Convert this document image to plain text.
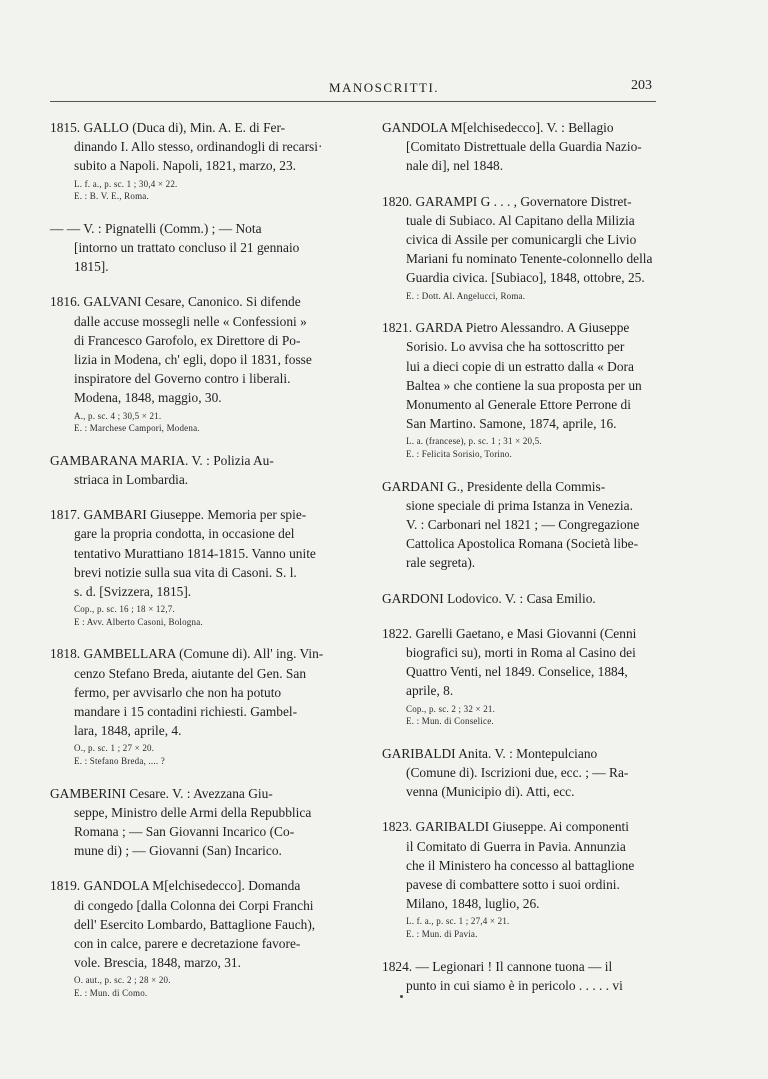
MANOSCRITTI.	203

1815. GALLO (Duca di), Min. A. E. di Fer-

dinando I. Allo stesso, ordinandogli di recarsi·

subito a Napoli. Napoli, 1821, marzo, 23.

L. f. a., p. sc. 1 ; 30,4 × 22.
E. : B. V. E., Roma.

— — V. : Pignatelli (Comm.) ; — Nota

[intorno un trattato concluso il 21 gennaio

1815].

1816. GALVANI Cesare, Canonico. Si difende

dalle accuse mossegli nelle « Confessioni »

di Francesco Garofolo, ex Direttore di Po-

lizia in Modena, ch' egli, dopo il 1831, fosse

inspiratore del Governo contro i liberali.

Modena, 1848, maggio, 30.

A., p. sc. 4 ; 30,5 × 21.
E. : Marchese Campori, Modena.

GAMBARANA MARIA. V. : Polizia Au-

striaca in Lombardia.

1817. GAMBARI Giuseppe. Memoria per spie-

gare la propria condotta, in occasione del

tentativo Murattiano 1814-1815. Vanno unite

brevi notizie sulla sua vita di Casoni. S. l.

s. d. [Svizzera, 1815].

Cop., p. sc. 16 ; 18 × 12,7.
E : Avv. Alberto Casoni, Bologna.

1818. GAMBELLARA (Comune di). All' ing. Vin-

cenzo Stefano Breda, aiutante del Gen. San

fermo, per avvisarlo che non ha potuto

mandare i 15 contadini richiesti. Gambel-

lara, 1848, aprile, 4.

O., p. sc. 1 ; 27 × 20.
E. : Stefano Breda, .... ?

GAMBERINI Cesare. V. : Avezzana Giu-

seppe, Ministro delle Armi della Repubblica

Romana ; — San Giovanni Incarico (Co-

mune di) ; — Giovanni (San) Incarico.

1819. GANDOLA M[elchisedecco]. Domanda

di congedo [dalla Colonna dei Corpi Franchi

dell' Esercito Lombardo, Battaglione Fauch),

con in calce, parere e decretazione favore-

vole. Brescia, 1848, marzo, 31.

O. aut., p. sc. 2 ; 28 × 20.
E. : Mun. di Como.

GANDOLA M[elchisedecco]. V. : Bellagio

[Comitato Distrettuale della Guardia Nazio-

nale di], nel 1848.

1820. GARAMPI G . . . , Governatore Distret-

tuale di Subiaco. Al Capitano della Milizia

civica di Assile per comunicargli che Livio

Mariani fu nominato Tenente-colonnello della

Guardia civica. [Subiaco], 1848, ottobre, 25.

E. : Dott. Al. Angelucci, Roma.

1821. GARDA Pietro Alessandro. A Giuseppe

Sorisio. Lo avvisa che ha sottoscritto per

lui a dieci copie di un estratto dalla « Dora

Baltea » che contiene la sua proposta per un

Monumento al Generale Ettore Perrone di

San Martino. Samone, 1874, aprile, 16.

L. a. (francese), p. sc. 1 ; 31 × 20,5.
E. : Felicita Sorisio, Torino.

GARDANI G., Presidente della Commis-

sione speciale di prima Istanza in Venezia.

V. : Carbonari nel 1821 ; — Congregazione

Cattolica Apostolica Romana (Società libe-

rale segreta).

GARDONI Lodovico. V. : Casa Emilio.

1822. Garelli Gaetano, e Masi Giovanni (Cenni

biografici su), morti in Roma al Casino dei

Quattro Venti, nel 1849. Conselice, 1884,

aprile, 8.

Cop., p. sc. 2 ; 32 × 21.
E. : Mun. di Conselice.

GARIBALDI Anita. V. : Montepulciano

(Comune di). Iscrizioni due, ecc. ; — Ra-

venna (Municipio di). Atti, ecc.

1823. GARIBALDI Giuseppe. Ai componenti

il Comitato di Guerra in Pavia. Annunzia

che il Ministero ha concesso al battaglione

pavese di combattere sotto i suoi ordini.

Milano, 1848, luglio, 26.

L. f. a., p. sc. 1 ; 27,4 × 21.
E. : Mun. di Pavia.

1824. — Legionari ! Il cannone tuona — il

punto in cui siamo è in pericolo . . . . . vi
